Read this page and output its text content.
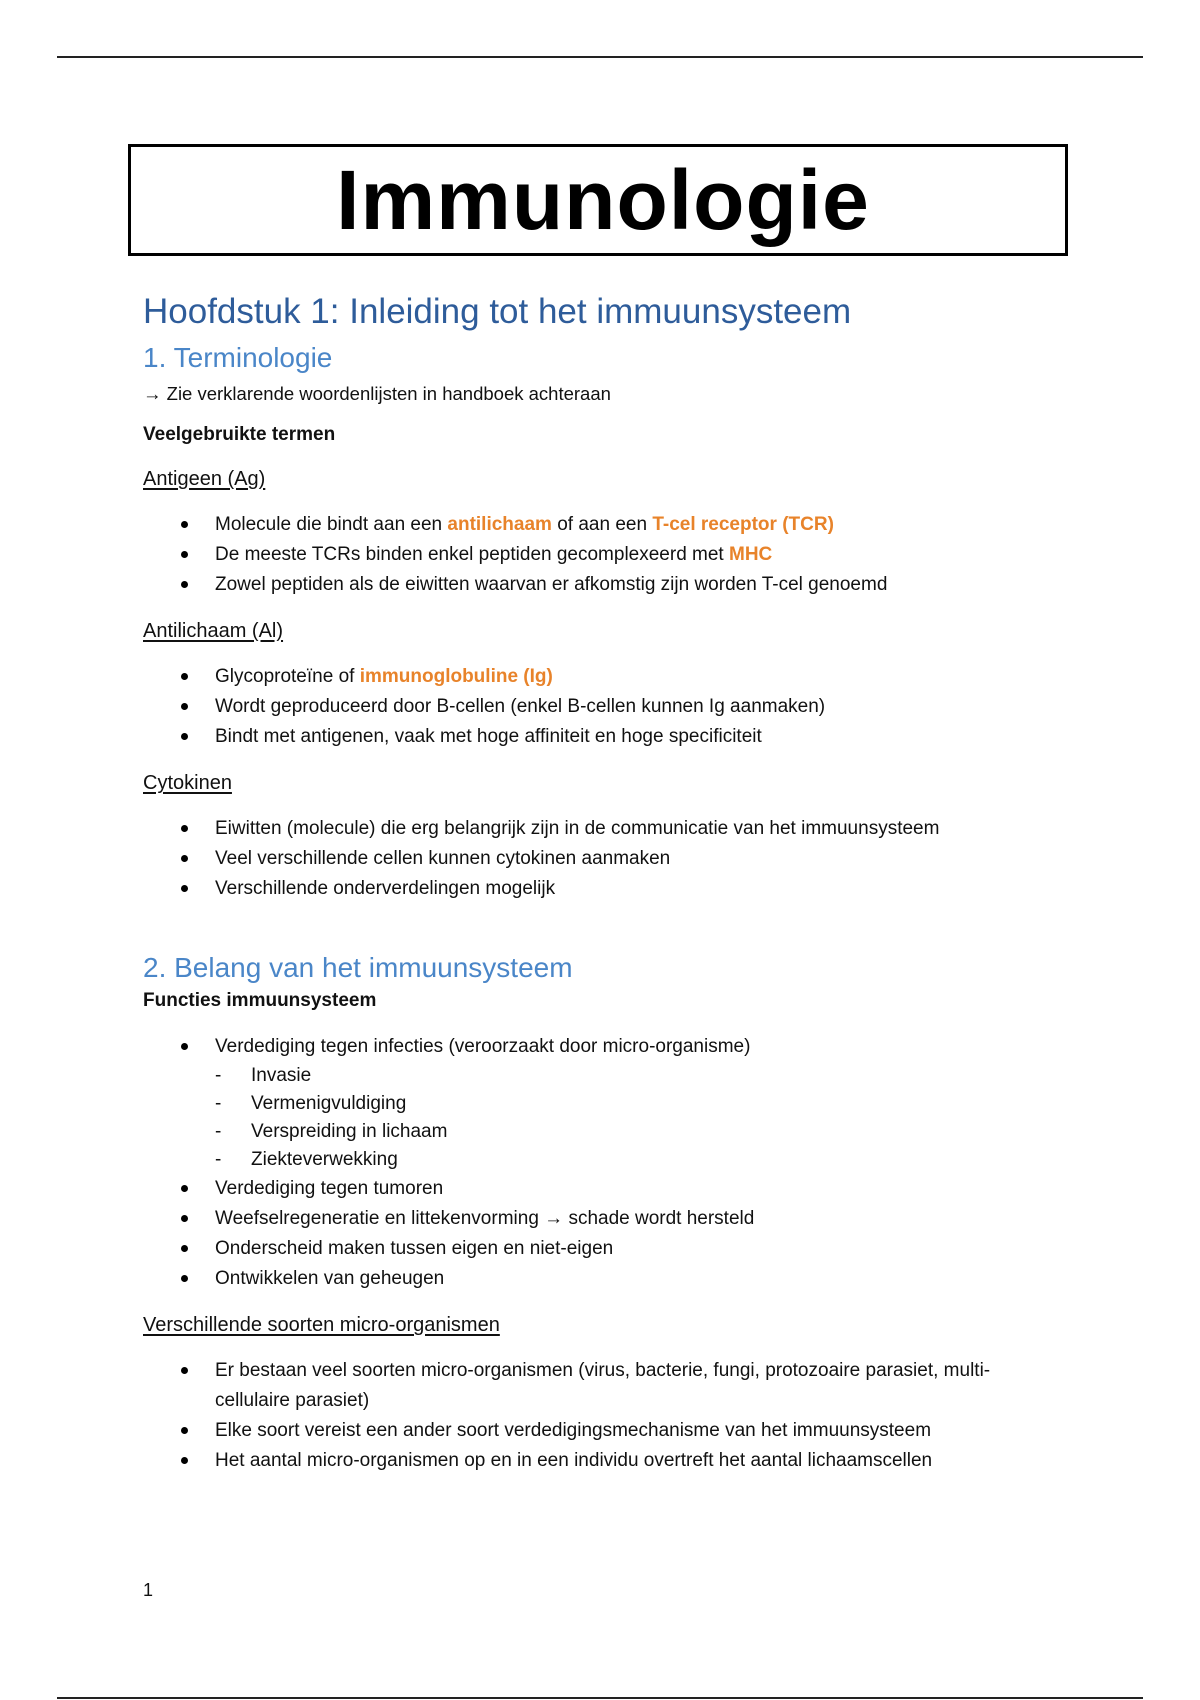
Immunologie
Hoofdstuk 1: Inleiding tot het immuunsysteem
1. Terminologie

→ Zie verklarende woordenlijsten in handboek achteraan

Veelgebruikte termen

Antigeen (Ag)

Molecule die bindt aan een antilichaam of aan een T-cel receptor (TCR)
De meeste TCRs binden enkel peptiden gecomplexeerd met MHC
Zowel peptiden als de eiwitten waarvan er afkomstig zijn worden T-cel genoemd

Antilichaam (Al)

Glycoproteïne of immunoglobuline (Ig)
Wordt geproduceerd door B-cellen (enkel B-cellen kunnen Ig aanmaken)
Bindt met antigenen, vaak met hoge affiniteit en hoge specificiteit

Cytokinen

Eiwitten (molecule) die erg belangrijk zijn in de communicatie van het immuunsysteem
Veel verschillende cellen kunnen cytokinen aanmaken
Verschillende onderverdelingen mogelijk
2. Belang van het immuunsysteem

Functies immuunsysteem

Verdediging tegen infecties (veroorzaakt door micro-organisme)
- Invasie
- Vermenigvuldiging
- Verspreiding in lichaam
- Ziekteverwekking
Verdediging tegen tumoren
Weefselregeneratie en littekenvorming → schade wordt hersteld
Onderscheid maken tussen eigen en niet-eigen
Ontwikkelen van geheugen

Verschillende soorten micro-organismen

Er bestaan veel soorten micro-organismen (virus, bacterie, fungi, protozoaire parasiet, multi-cellulaire parasiet)
Elke soort vereist een ander soort verdedigingsmechanisme van het immuunsysteem
Het aantal micro-organismen op en in een individu overtreft het aantal lichaamscellen
1
